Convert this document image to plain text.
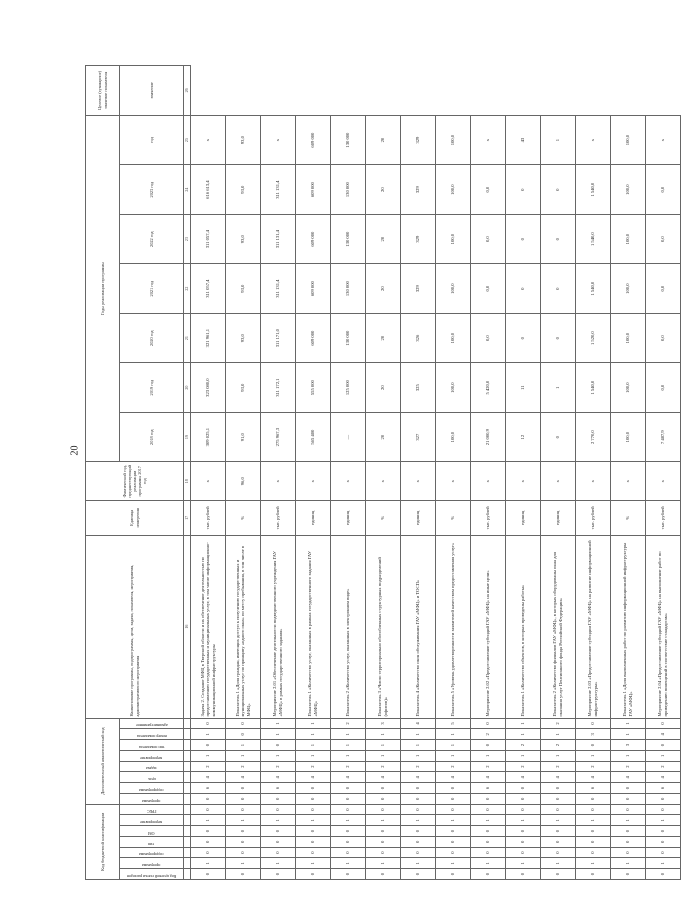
20
Код бюджетной классификации							Дополнительный аналитический код								Наименование программы, подпрограммы, цели, задачи, показателя, мероприятия, административного мероприятия	Единица измерения	Фактический год, предшествующий реализации программы 2017 год	Годы реализации программы							Целевое (суммарное) значение показателя

Код целевой статьи расходов	программа	подпрограмма	тип	ОМ	мероприятие	ГРБС	программа	подпрограмма	цель	задача	мероприятие	тип показателя	номер показателя	административное				2018 год	2019 год	2020 год	2021 год	2022 год	2023 год	год	значение
															16	17	18	19	20	21	22	23	24	25	26
0	1	0	0	0	1	0	0	6	4	2	1	0	1	0	Задача 2. Создание МФЦ в Тверской области и их обеспечение деятельностью по предоставлению государственных и муниципальных услуг, в том числе информационно-коммуникационной инфраструктуры	тыс. рублей	х	309 025,1	323 080,0	321 961,1	311 057,4	311 057,4	616 613,4	х	
0	1	0	0	0	1	0	0	0	4	2	1	1	0	0	Показатель 1 «Доля граждан, имеющих доступ к получению государственных и муниципальных услуг по принципу «одного окна» по месту пребывания, в том числе в МФЦ»	%	96,0	91,0	93,0	93,0	93,0	93,0	93,0	93,0	
0	1	0	0	0	1	0	0	6	4	2	1	0	1	1	Мероприятие 2.01 «Обеспечение деятельности подведомственного учреждения ГАУ «МФЦ» в рамках государственного задания»	тыс. рублей	х	275 967,3	311 172,1	311 171,0	311 131,4	311 131,4	311 131,4	х	
0	1	0	0	0	1	0	0	0	4	2	1	1	1	1	Показатель 1 «Количество услуг, оказанных в рамках государственного задания ГАУ «МФЦ»	единиц	х	565 400	555 000	609 000	609 000	609 000	609 000	609 000	
0	1	0	0	0	1	0	0	0	4	2	1	1	1	2	Показатель 2 «Количество услуг, оказанных в электронном виде»	единиц	х	—	125 000	130 000	130 000	130 000	130 000	130 000	
0	1	0	0	0	1	0	0	0	4	2	1	1	1	3	Показатель 3 «Число территориально обособленных структурных подразделений (офисов)»	%	х	20	20	20	20	20	20	20	
0	1	0	0	0	1	0	0	0	4	2	1	1	1	4	Показатель 4 «Количество окон обслуживания ГАУ «МФЦ» и ТОСП»	единиц	х	327	325	326	329	329	329	329	
0	1	0	0	0	1	0	0	0	4	2	1	1	1	5	Показатель 5 «Уровень удовлетворенности заявителей качеством предоставления услуг»	%	х	100,0	100,0	100,0	100,0	100,0	100,0	100,0	
0	1	0	0	0	1	0	0	6	4	2	1	0	2	0	Мероприятие 2.02 «Предоставление субсидий ГАУ «МФЦ» на иные цели»	тыс. рублей	х	21 000,9	5 420,0	0,0	0,0	0,0	0,0	х	
0	1	0	0	0	1	0	0	0	4	2	1	2	1	1	Показатель 1 «Количество объектов, в которых проведены работы»	единиц	х	12	11	0	0	0	0	43	
0	1	0	0	0	1	0	0	0	4	2	1	2	1	2	Показатель 2 «Количество филиалов ГАУ «МФЦ», в которых оборудованы окна для оказания услуг Пенсионного фонда Российской Федерации»	единиц	х	0	1	0	0	0	0	1	
0	1	0	0	0	1	0	0	6	4	2	1	0	3	0	Мероприятие 2.03 «Предоставление субсидии ГАУ «МФЦ» на развитие информационной инфраструктуры»	тыс. рублей	х	2 770,0	1 540,0	1 520,0	1 540,0	1 540,0	1 540,0	х	
0	1	0	0	0	1	0	0	0	4	2	1	3	1	1	Показатель 1 «Доля выполненных работ по развитию информационной инфраструктуры ГАУ «МФЦ»	%	х	100,0	100,0	100,0	100,0	100,0	100,0	100,0	
0	1	0	0	0	1	0	0	6	4	2	1	0	4	0	Мероприятие 2.04 «Предоставление субсидий ГАУ «МФЦ» на выполнение работ по приведению помещений в соответствие стандартам»	тыс. рублей	х	7 487,9	0,0	0,0	0,0	0,0	0,0	х	
